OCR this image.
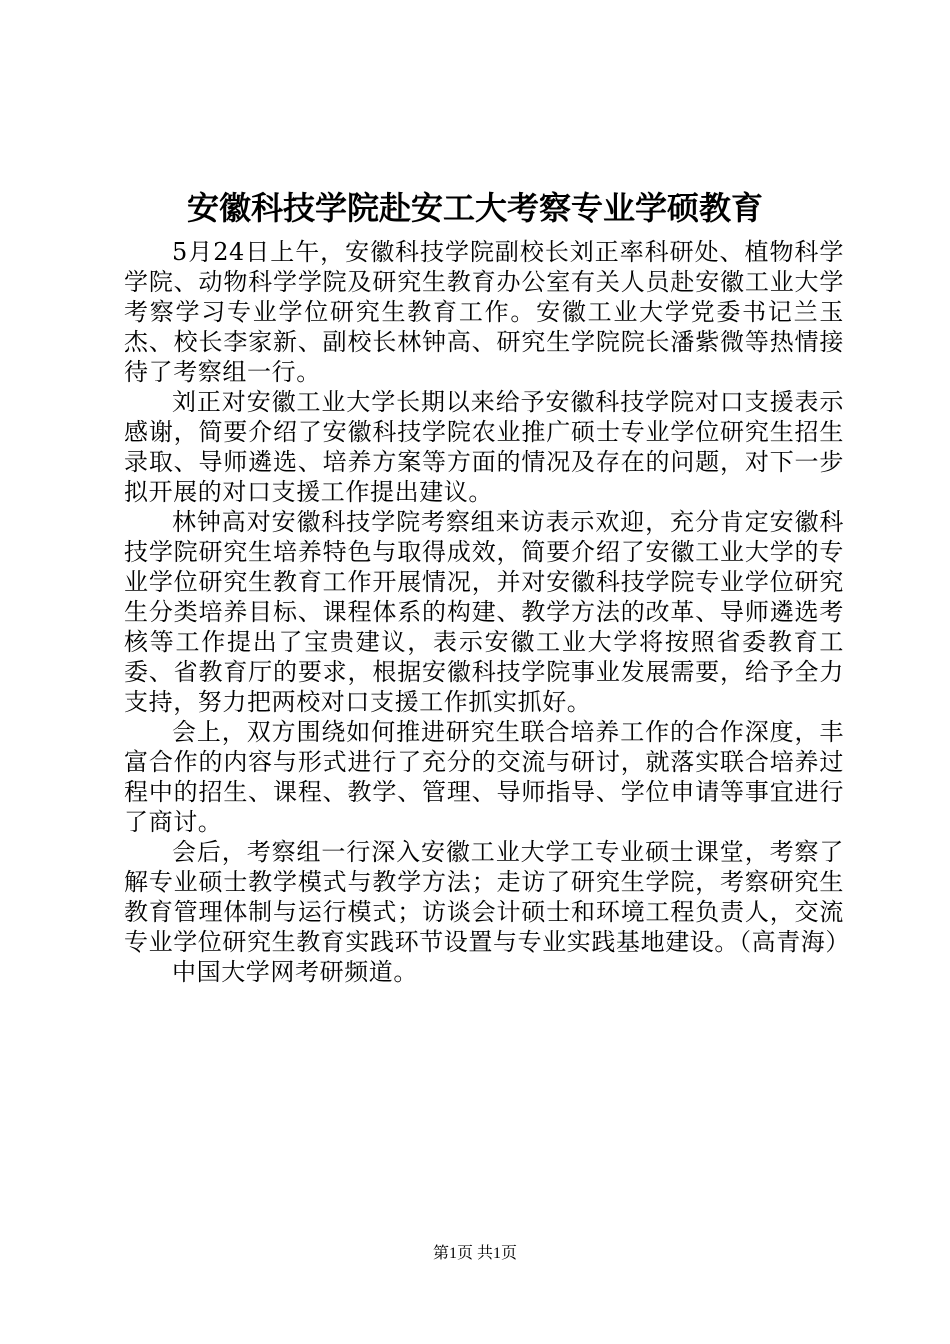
安徽科技学院赴安工大考察专业学硕教育

5月24日上午，安徽科技学院副校长刘正率科研处、植物科学学院、动物科学学院及研究生教育办公室有关人员赴安徽工业大学考察学习专业学位研究生教育工作。安徽工业大学党委书记兰玉杰、校长李家新、副校长林钟高、研究生学院院长潘紫微等热情接待了考察组一行。

刘正对安徽工业大学长期以来给予安徽科技学院对口支援表示感谢，简要介绍了安徽科技学院农业推广硕士专业学位研究生招生录取、导师遴选、培养方案等方面的情况及存在的问题，对下一步拟开展的对口支援工作提出建议。

林钟高对安徽科技学院考察组来访表示欢迎，充分肯定安徽科技学院研究生培养特色与取得成效，简要介绍了安徽工业大学的专业学位研究生教育工作开展情况，并对安徽科技学院专业学位研究生分类培养目标、课程体系的构建、教学方法的改革、导师遴选考核等工作提出了宝贵建议，表示安徽工业大学将按照省委教育工委、省教育厅的要求，根据安徽科技学院事业发展需要，给予全力支持，努力把两校对口支援工作抓实抓好。

会上，双方围绕如何推进研究生联合培养工作的合作深度，丰富合作的内容与形式进行了充分的交流与研讨，就落实联合培养过程中的招生、课程、教学、管理、导师指导、学位申请等事宜进行了商讨。

会后，考察组一行深入安徽工业大学工专业硕士课堂，考察了解专业硕士教学模式与教学方法；走访了研究生学院，考察研究生教育管理体制与运行模式；访谈会计硕士和环境工程负责人，交流专业学位研究生教育实践环节设置与专业实践基地建设。（高青海）

中国大学网考研频道。

第1页 共1页
